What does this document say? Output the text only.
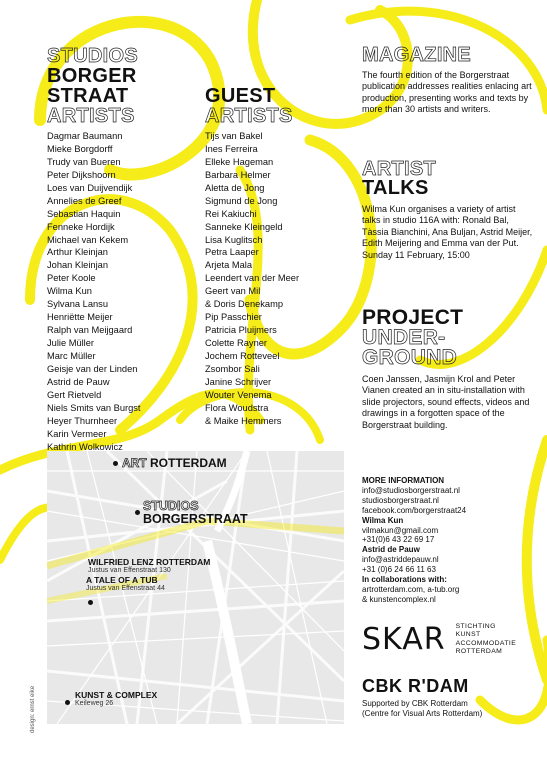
ART ROTTERDAM
STUDIOS
BORGERSTRAAT
WILFRIED LENZ ROTTERDAM
Justus van Effenstraat 130
A TALE OF A TUB
Justus van Effenstraat 44
KUNST & COMPLEX
Keileweg 26
STUDIOS
BORGER
STRAAT
ARTISTS
Dagmar Baumann
Mieke Borgdorff
Trudy van Bueren
Peter Dijkshoorn
Loes van Duijvendijk
Annelies de Greef
Sebastian Haquin
Fenneke Hordijk
Michael van Kekem
Arthur Kleinjan
Johan Kleinjan
Peter Koole
Wilma Kun
Sylvana Lansu
Henriëtte Meijer
Ralph van Meijgaard
Julie Müller
Marc Müller
Geisje van der Linden
Astrid de Pauw
Gert Rietveld
Niels Smits van Burgst
Heyer Thurnheer
Karin Vermeer
Kathrin Wolkowicz
GUEST
ARTISTS
Tijs van Bakel
Ines Ferreira
Elleke Hageman
Barbara Helmer
Aletta de Jong
Sigmund de Jong
Rei Kakiuchi
Sanneke Kleingeld
Lisa Kuglitsch
Petra Laaper
Arjeta Mala
Leendert van der Meer
Geert van Mil
& Doris Denekamp
Pip Passchier
Patricia Pluijmers
Colette Rayner
Jochem Rotteveel
Zsombor Sali
Janine Schrijver
Wouter Venema
Flora Woudstra
& Maike Hemmers
MAGAZINE
The fourth edition of the Borgerstraat publication addresses realities enlacing art production, presenting works and texts by more than 30 artists and writers.
ARTIST
TALKS
Wilma Kun organises a variety of artist talks in studio 116A with: Ronald Bal, Tàssia Bianchini, Ana Buljan, Astrid Meijer, Edith Meijering and Emma van der Put.
Sunday 11 February, 15:00
PROJECT
UNDER-
GROUND
Coen Janssen, Jasmijn Krol and Peter Vianen created an in situ-installation with slide projectors, sound effects, videos and drawings in a forgotten space of the Borgerstraat building.
MORE INFORMATION
info@studiosborgerstraat.nl
studiosborgerstraat.nl
facebook.com/borgerstraat24
Wilma Kun
vilmakun@gmail.com
+31(0)6 43 22 69 17
Astrid de Pauw
info@astriddepauw.nl
+31 (0)6 24 66 11 63
In collaborations with:
artrotterdam.com, a-tub.org
& kunstencomplex.nl
SKAR STICHTING
KUNST
ACCOMMODATIE
ROTTERDAM
CBK R'DAM
Supported by CBK Rotterdam
(Centre for Visual Arts Rotterdam)
design: ernst eike
